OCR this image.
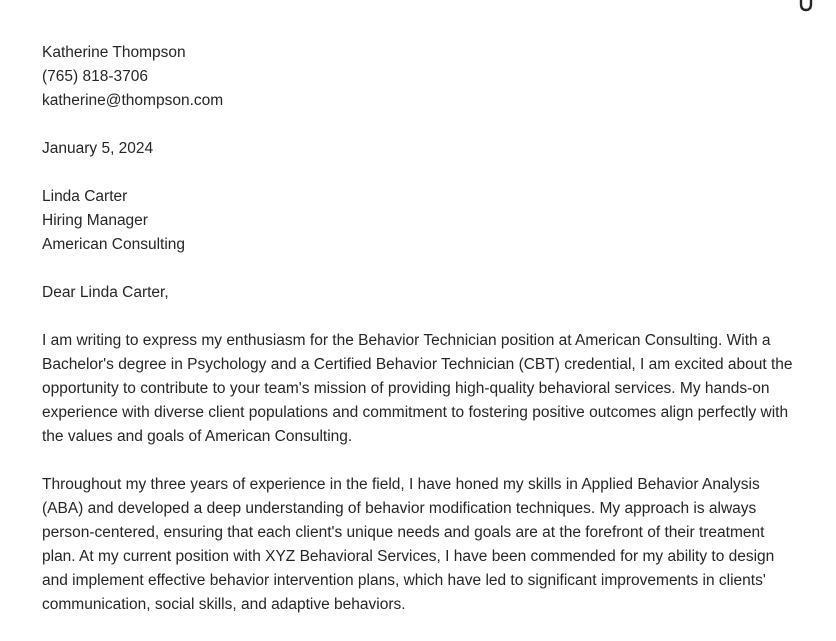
Katherine Thompson
(765) 818-3706
katherine@thompson.com
January 5, 2024
Linda Carter
Hiring Manager
American Consulting
Dear Linda Carter,

I am writing to express my enthusiasm for the Behavior Technician position at American Consulting. With a Bachelor's degree in Psychology and a Certified Behavior Technician (CBT) credential, I am excited about the opportunity to contribute to your team's mission of providing high-quality behavioral services. My hands-on experience with diverse client populations and commitment to fostering positive outcomes align perfectly with the values and goals of American Consulting.

Throughout my three years of experience in the field, I have honed my skills in Applied Behavior Analysis (ABA) and developed a deep understanding of behavior modification techniques. My approach is always person-centered, ensuring that each client's unique needs and goals are at the forefront of their treatment plan. At my current position with XYZ Behavioral Services, I have been commended for my ability to design and implement effective behavior intervention plans, which have led to significant improvements in clients' communication, social skills, and adaptive behaviors.
